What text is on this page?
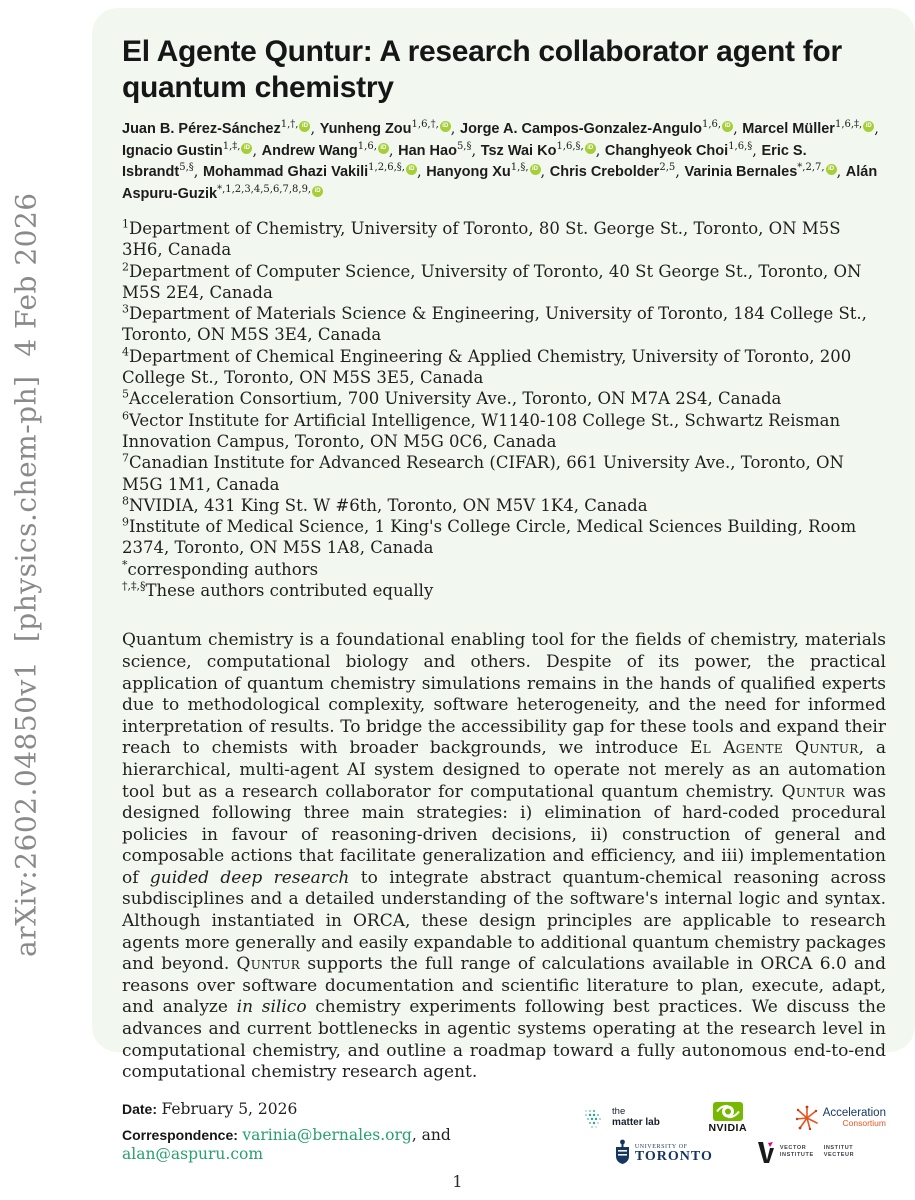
arXiv:2602.04850v1  [physics.chem-ph]  4 Feb 2026
El Agente Quntur: A research collaborator agent for quantum chemistry
Juan B. Pérez-Sánchez$^{1,\dagger,}$ iD , Yunheng Zou$^{1,6,\dagger,}$ iD , Jorge A. Campos-Gonzalez-Angulo$^{1,6,}$ iD , Marcel Müller$^{1,6,\ddagger,}$ iD , Ignacio Gustin$^{1,\ddagger,}$ iD , Andrew Wang$^{1,6,}$ iD , Han Hao$^{5,\S}$, Tsz Wai $Ko^{1,6,\S,}$ iD , Changhyeok Choi$^{1,6,\S}$, Eric S. Isbrandt$^{5,\S}$, Mohammad Ghazi Vakili$^{1,2,6,\S,}$ iD , Hanyong $Xu^{1,\S,}$ iD , Chris Crebolder$^{2,5}$, Varinia Bernales$^{*,2,7,}$ iD , Alán Aspuru-Guzik$^{*,1,2,3,4,5,6,7,8,9,}$ iD
$^1$Department of Chemistry, University of Toronto, 80 St. George St., Toronto, ON M5S 3H6, Canada
$^2$Department of Computer Science, University of Toronto, 40 St George St., Toronto, ON M5S 2E4, Canada
$^3$Department of Materials Science & Engineering, University of Toronto, 184 College St., Toronto, ON M5S 3E4, Canada
$^4$Department of Chemical Engineering & Applied Chemistry, University of Toronto, 200 College St., Toronto, ON M5S 3E5, Canada
$^5$Acceleration Consortium, 700 University Ave., Toronto, ON M7A 2S4, Canada
$^6$Vector Institute for Artificial Intelligence, W1140-108 College St., Schwartz Reisman Innovation Campus, Toronto, ON M5G 0C6, Canada
$^7$Canadian Institute for Advanced Research (CIFAR), 661 University Ave., Toronto, ON M5G 1M1, Canada
$^8$NVIDIA, 431 King St. W #6th, Toronto, ON M5V 1K4, Canada
$^9$Institute of Medical Science, 1 King's College Circle, Medical Sciences Building, Room 2374, Toronto, ON M5S 1A8, Canada
*corresponding authors
†,‡,§These authors contributed equally
Quantum chemistry is a foundational enabling tool for the fields of chemistry, materials science, computational biology and others. Despite of its power, the practical application of quantum chemistry simulations remains in the hands of qualified experts due to methodological complexity, software heterogeneity, and the need for informed interpretation of results. To bridge the accessibility gap for these tools and expand their reach to chemists with broader backgrounds, we introduce El Agente Quntur, a hierarchical, multi-agent AI system designed to operate not merely as an automation tool but as a research collaborator for computational quantum chemistry. Quntur was designed following three main strategies: i) elimination of hard-coded procedural policies in favour of reasoning-driven decisions, ii) construction of general and composable actions that facilitate generalization and efficiency, and iii) implementation of guided deep research to integrate abstract quantum-chemical reasoning across subdisciplines and a detailed understanding of the software's internal logic and syntax. Although instantiated in ORCA, these design principles are applicable to research agents more generally and easily expandable to additional quantum chemistry packages and beyond. Quntur supports the full range of calculations available in ORCA 6.0 and reasons over software documentation and scientific literature to plan, execute, adapt, and analyze in silico chemistry experiments following best practices. We discuss the advances and current bottlenecks in agentic systems operating at the research level in computational chemistry, and outline a roadmap toward a fully autonomous end-to-end computational chemistry research agent.
Date: February 5, 2026
Correspondence: varinia@bernales.org, and alan@aspuru.com
the
matter lab	NVIDIA
Acceleration
Consortium
UNIVERSITY OF
TORONTO
VECTOR
INSTITUTE
INSTITUT
VECTEUR
1
